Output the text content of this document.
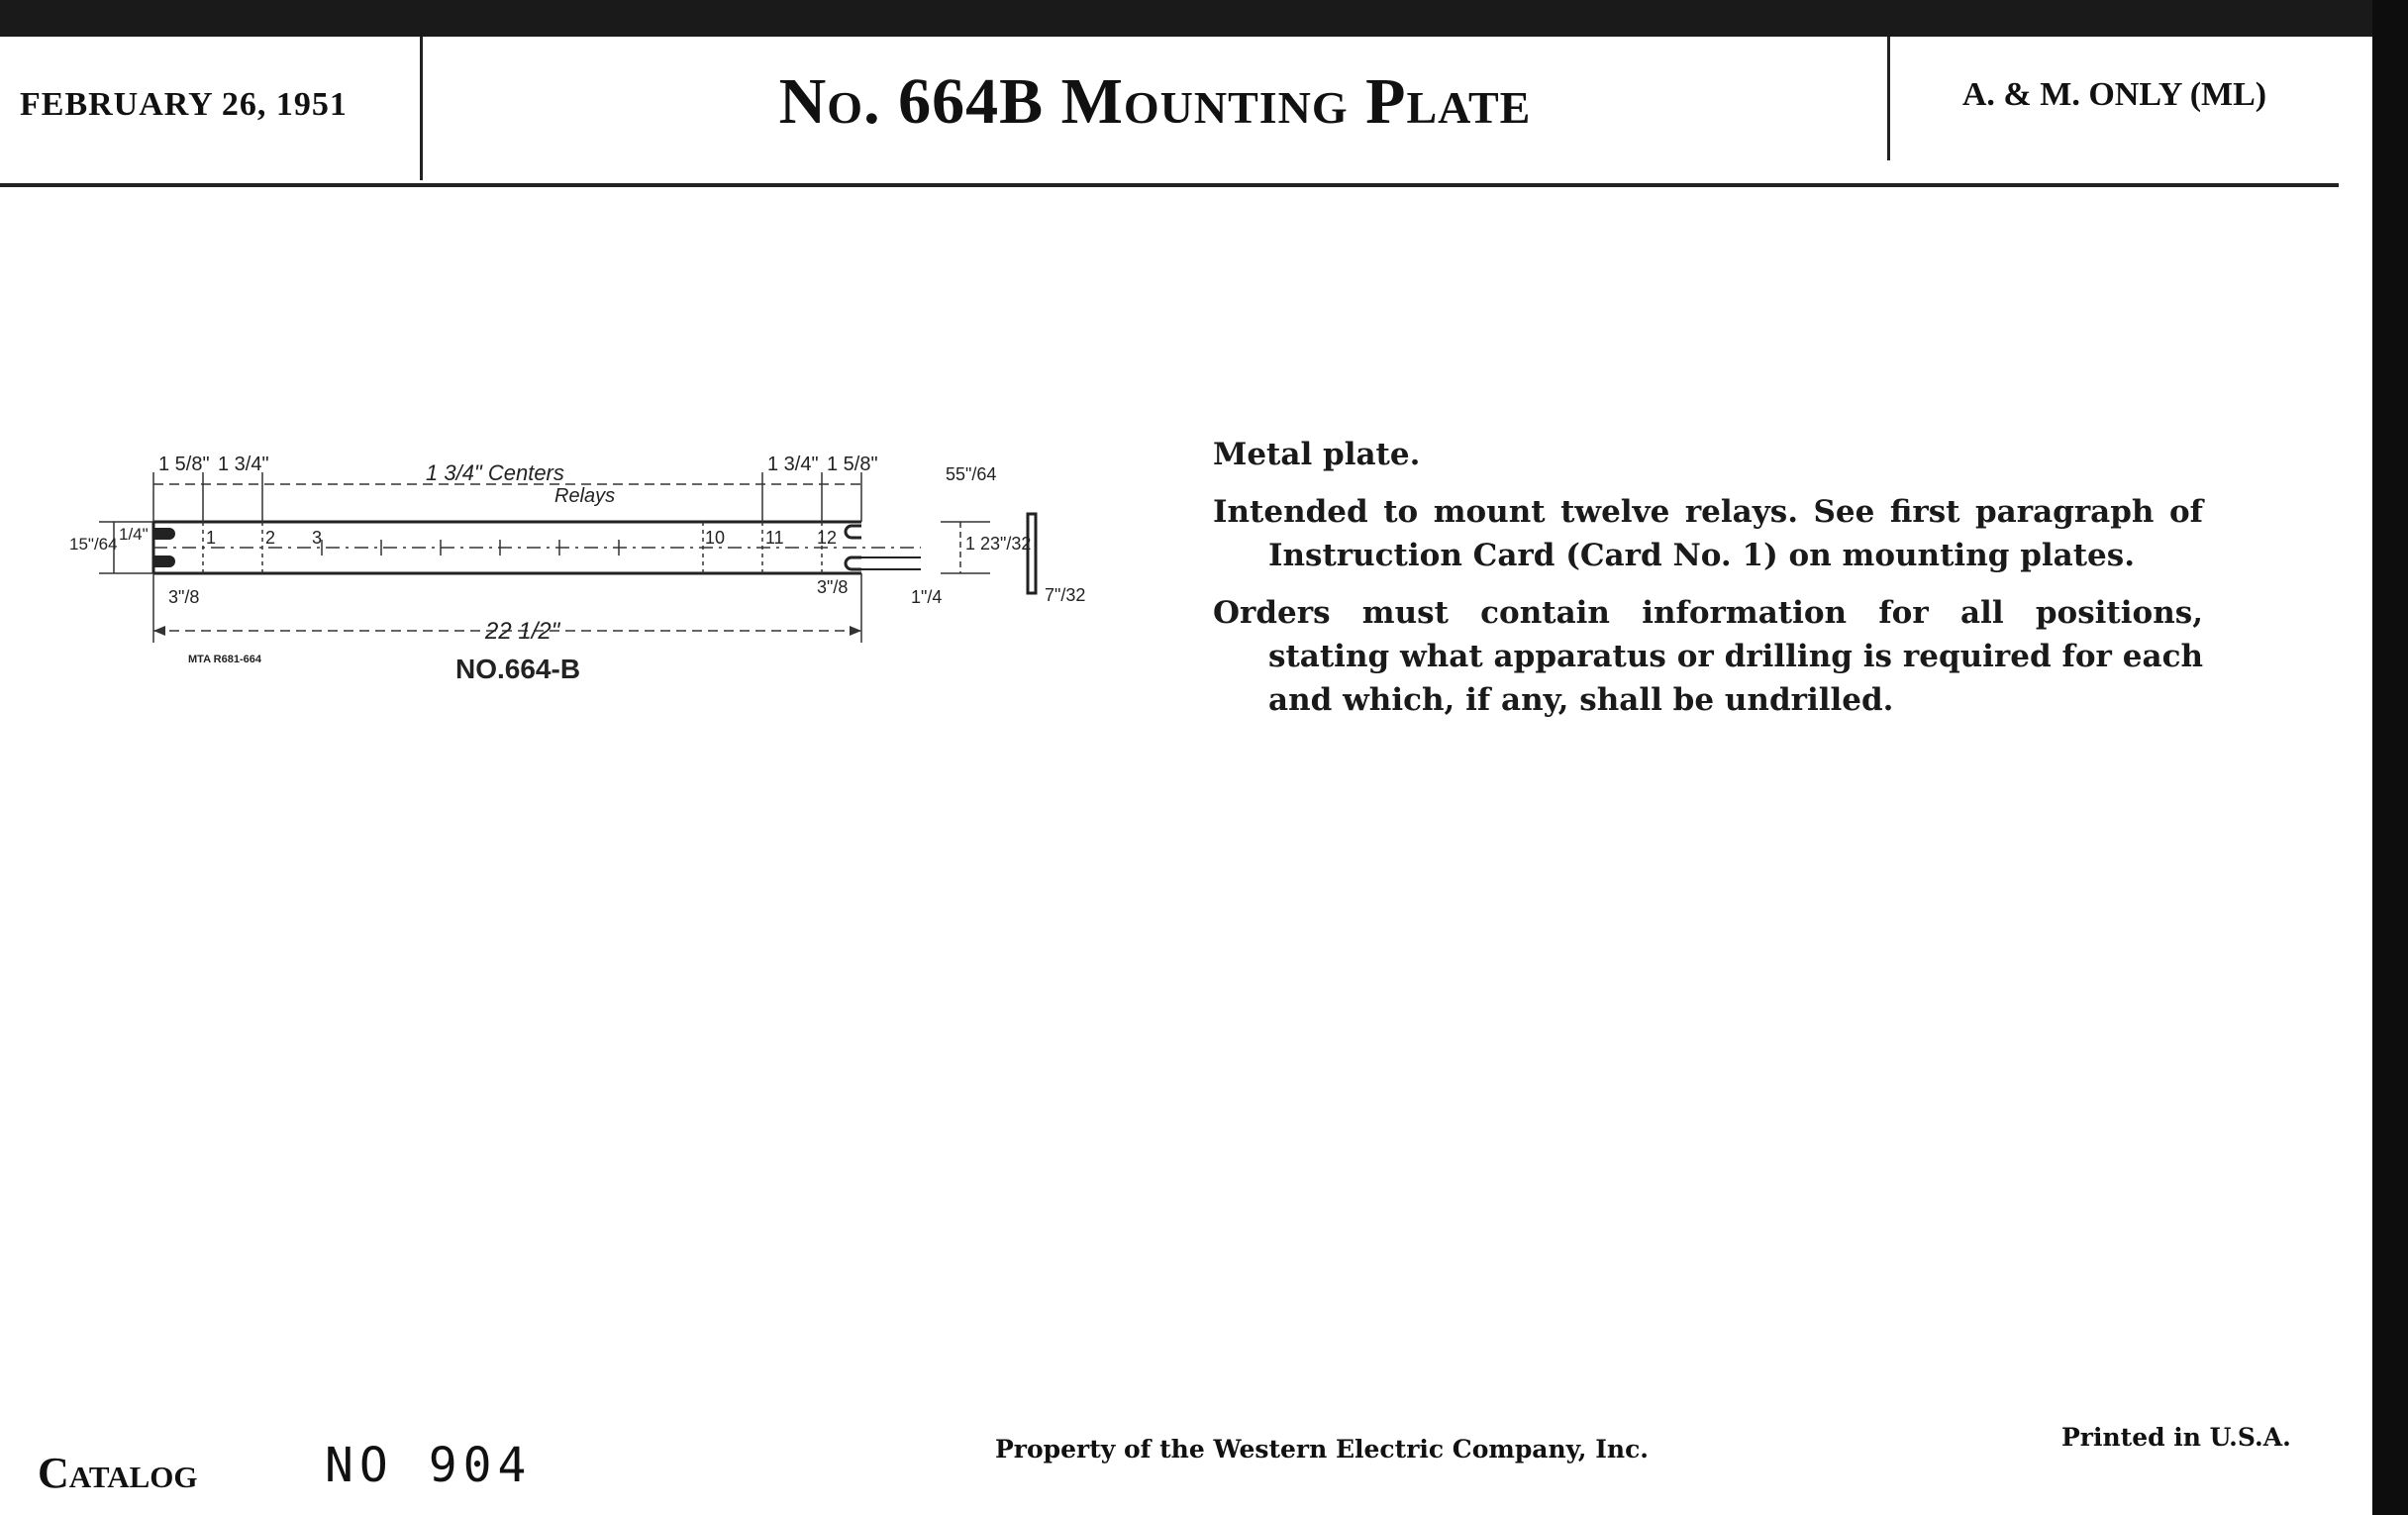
FEBRUARY 26, 1951	No. 664B Mounting Plate	A. & M. ONLY (ML)
1 5/8" 1 3/4"	1 3/4" Centers
Relays
1 3/4" 1 5/8"	55"/64
1 23"/32
7"/32
15"/64
1/4"
3"/8	3"/8	1"/4
22 1/2"
1	2 3	10 11 12
MTA R681-664	NO.664-B

Metal plate.

Intended to mount twelve relays. See first paragraph of Instruction Card (Card No. 1) on mounting plates.

Orders must contain information for all positions, stating what apparatus or drilling is required for each and which, if any, shall be undrilled.

Catalog	NO 904	Property of the Western Electric Company, Inc.	Printed in U.S.A.
